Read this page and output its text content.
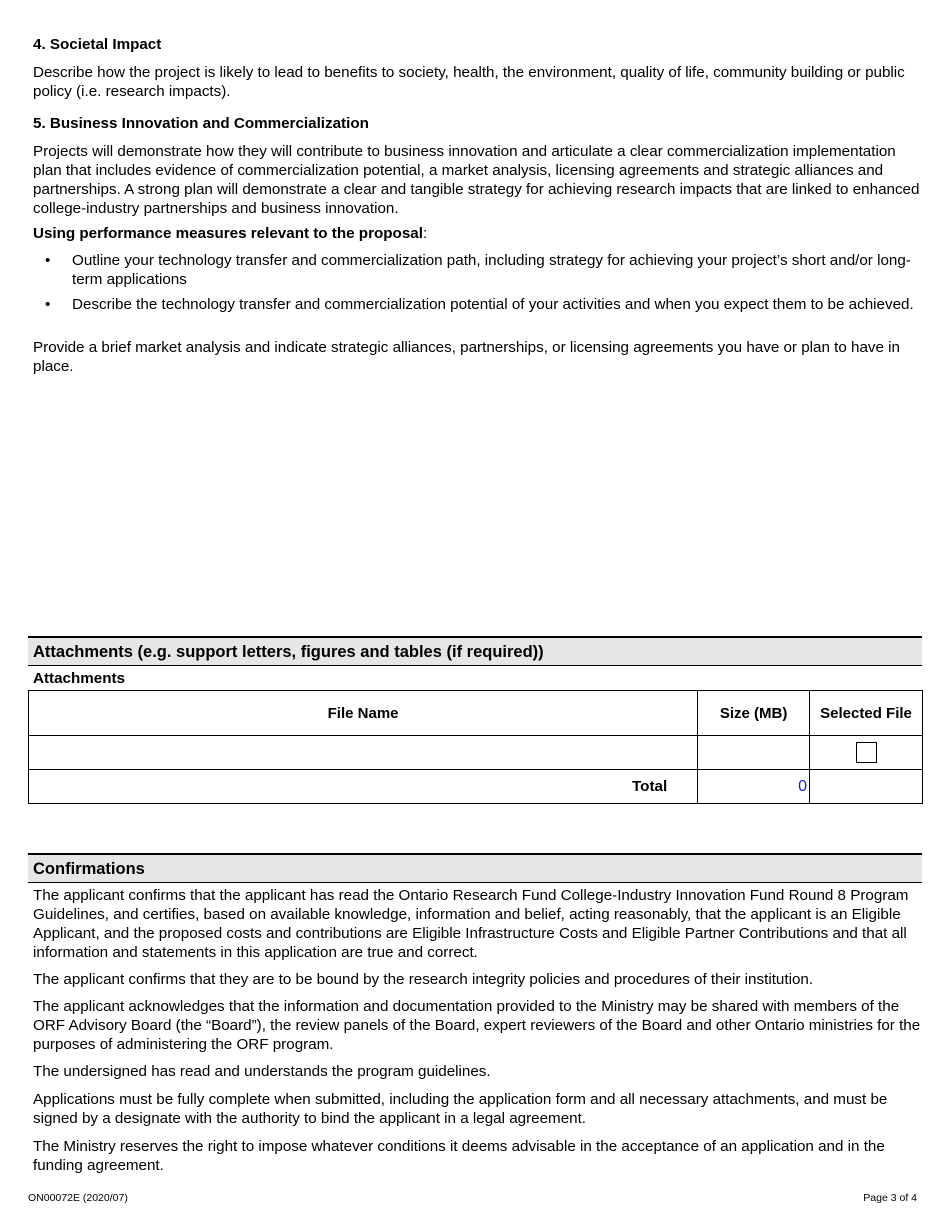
4. Societal Impact

Describe how the project is likely to lead to benefits to society, health, the environment, quality of life, community building or public policy (i.e. research impacts).

5. Business Innovation and Commercialization

Projects will demonstrate how they will contribute to business innovation and articulate a clear commercialization implementation plan that includes evidence of commercialization potential, a market analysis, licensing agreements and strategic alliances and partnerships. A strong plan will demonstrate a clear and tangible strategy for achieving research impacts that are linked to enhanced college-industry partnerships and business innovation.

Using performance measures relevant to the proposal:

• Outline your technology transfer and commercialization path, including strategy for achieving your project’s short and/or long-term applications

• Describe the technology transfer and commercialization potential of your activities and when you expect them to be achieved.

Provide a brief market analysis and indicate strategic alliances, partnerships, or licensing agreements you have or plan to have in place.

Attachments (e.g. support letters, figures and tables (if required))

Attachments

File Name	Size (MB)	Selected File

Total	0	
Confirmations

The applicant confirms that the applicant has read the Ontario Research Fund College-Industry Innovation Fund Round 8 Program Guidelines, and certifies, based on available knowledge, information and belief, acting reasonably, that the applicant is an Eligible Applicant, and the proposed costs and contributions are Eligible Infrastructure Costs and Eligible Partner Contributions and that all information and statements in this application are true and correct.

The applicant confirms that they are to be bound by the research integrity policies and procedures of their institution.

The applicant acknowledges that the information and documentation provided to the Ministry may be shared with members of the ORF Advisory Board (the “Board”), the review panels of the Board, expert reviewers of the Board and other Ontario ministries for the purposes of administering the ORF program.

The undersigned has read and understands the program guidelines.

Applications must be fully complete when submitted, including the application form and all necessary attachments, and must be signed by a designate with the authority to bind the applicant in a legal agreement.

The Ministry reserves the right to impose whatever conditions it deems advisable in the acceptance of an application and in the funding agreement.

ON00072E (2020/07)	Page 3 of 4
